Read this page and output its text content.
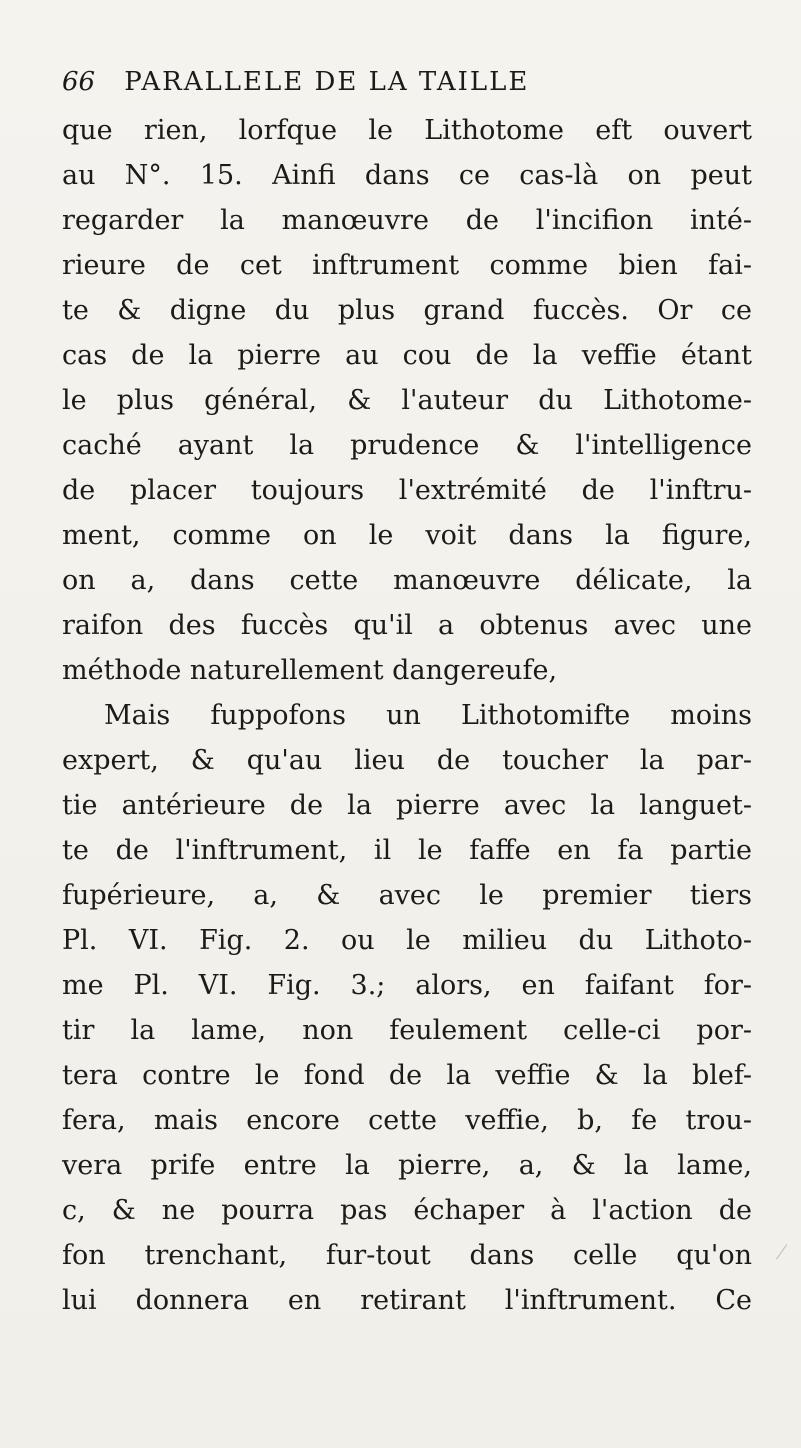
66 PARALLELE DE LA TAILLE
que rien, lorfque le Lithotome eft ouvert
au N°. 15. Ainfi dans ce cas-là on peut
regarder la manœuvre de l'incifion inté-
rieure de cet inftrument comme bien fai-
te & digne du plus grand fuccès. Or ce
cas de la pierre au cou de la veffie étant
le plus général, & l'auteur du Lithotome-
caché ayant la prudence & l'intelligence
de placer toujours l'extrémité de l'inftru-
ment, comme on le voit dans la figure,
on a, dans cette manœuvre délicate, la
raifon des fuccès qu'il a obtenus avec une
méthode naturellement dangereufe,
Mais fuppofons un Lithotomifte moins
expert, & qu'au lieu de toucher la par-
tie antérieure de la pierre avec la languet-
te de l'inftrument, il le faffe en fa partie
fupérieure, a, & avec le premier tiers
Pl. VI. Fig. 2. ou le milieu du Lithoto-
me Pl. VI. Fig. 3.; alors, en faifant for-
tir la lame, non feulement celle-ci por-
tera contre le fond de la veffie & la blef-
fera, mais encore cette veffie, b, fe trou-
vera prife entre la pierre, a, & la lame,
c, & ne pourra pas échaper à l'action de
fon trenchant, fur-tout dans celle qu'on
lui donnera en retirant l'inftrument. Ce
